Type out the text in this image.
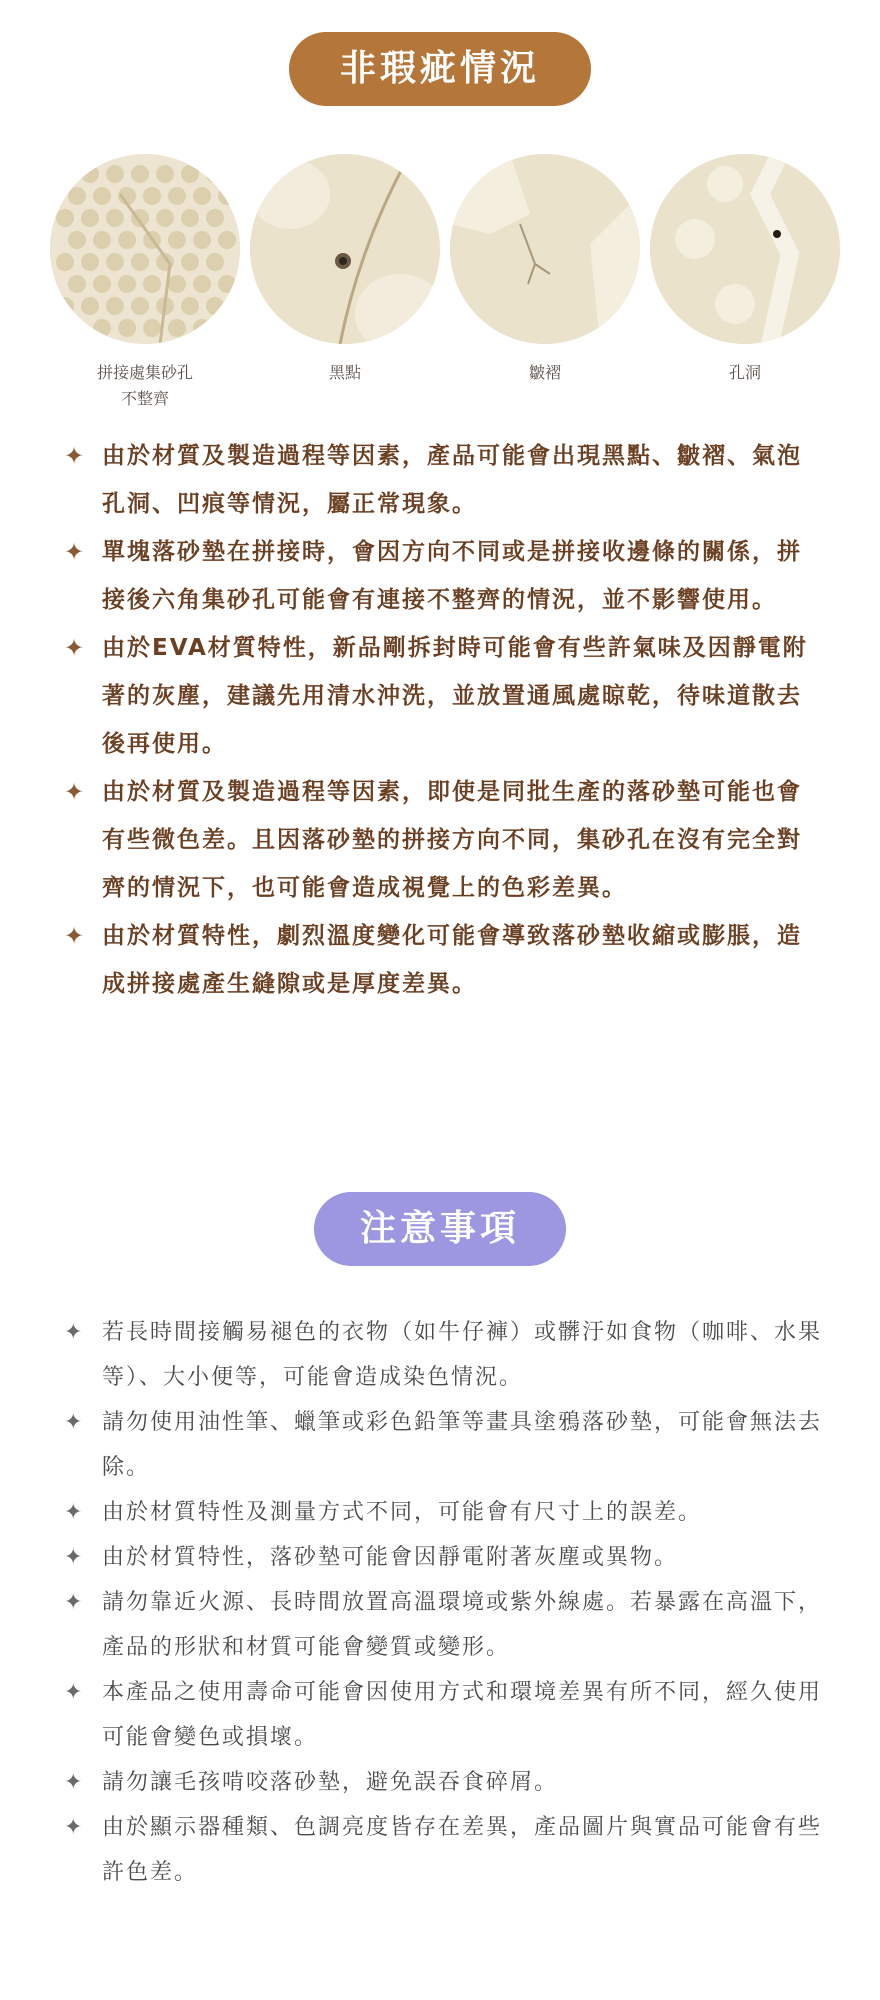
非瑕疵情況
拼接處集砂孔
不整齊
黑點	皺褶	孔洞
✦ 由於材質及製造過程等因素，產品可能會出現黑點、皺褶、氣泡孔洞、凹痕等情況，屬正常現象。
✦ 單塊落砂墊在拼接時，會因方向不同或是拼接收邊條的關係，拼接後六角集砂孔可能會有連接不整齊的情況，並不影響使用。
✦ 由於EVA材質特性，新品剛拆封時可能會有些許氣味及因靜電附著的灰塵，建議先用清水沖洗，並放置通風處晾乾，待味道散去後再使用。
✦ 由於材質及製造過程等因素，即使是同批生產的落砂墊可能也會有些微色差。且因落砂墊的拼接方向不同，集砂孔在沒有完全對齊的情況下，也可能會造成視覺上的色彩差異。
✦ 由於材質特性，劇烈溫度變化可能會導致落砂墊收縮或膨脹，造成拼接處產生縫隙或是厚度差異。
注意事項
✦ 若長時間接觸易褪色的衣物（如牛仔褲）或髒汙如食物（咖啡、水果等）、大小便等，可能會造成染色情況。
✦ 請勿使用油性筆、蠟筆或彩色鉛筆等畫具塗鴉落砂墊，可能會無法去除。
✦ 由於材質特性及測量方式不同，可能會有尺寸上的誤差。
✦ 由於材質特性，落砂墊可能會因靜電附著灰塵或異物。
✦ 請勿靠近火源、長時間放置高溫環境或紫外線處。若暴露在高溫下，產品的形狀和材質可能會變質或變形。
✦ 本產品之使用壽命可能會因使用方式和環境差異有所不同，經久使用可能會變色或損壞。
✦ 請勿讓毛孩啃咬落砂墊，避免誤吞食碎屑。
✦ 由於顯示器種類、色調亮度皆存在差異，產品圖片與實品可能會有些許色差。
